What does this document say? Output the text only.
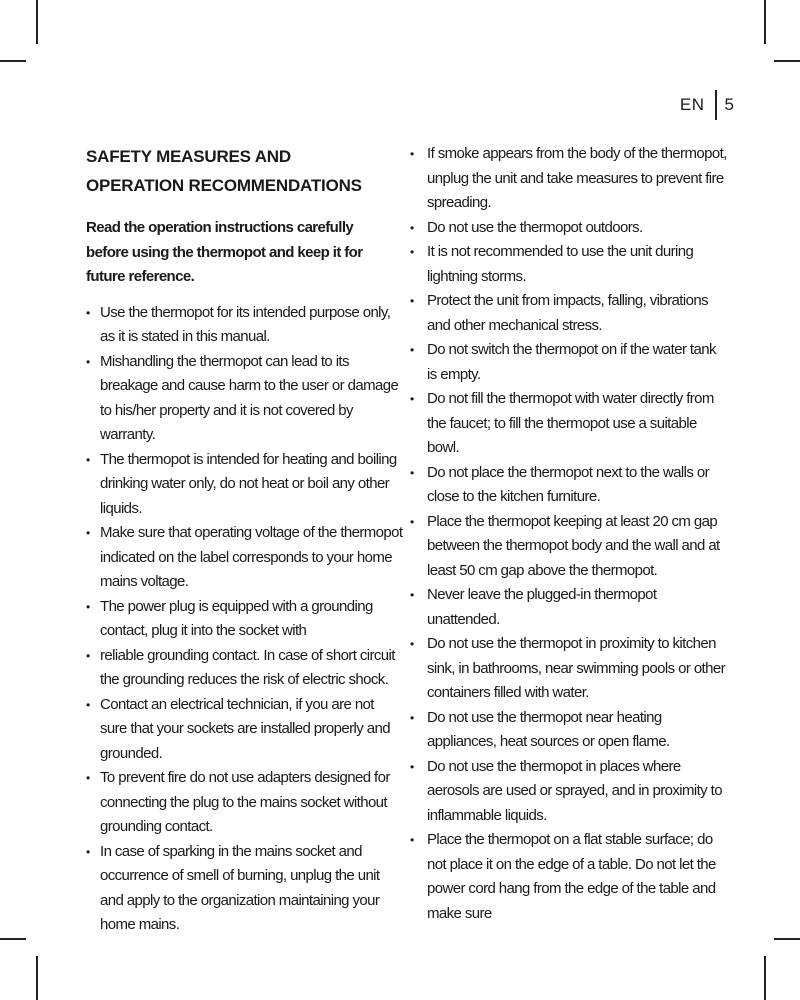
EN 5
SAFETY MEASURES AND OPERATION RECOMMENDATIONS

Read the operation instructions carefully before using the thermopot and keep it for future reference.

• Use the thermopot for its intended purpose only, as it is stated in this manual.
• Mishandling the thermopot can lead to its breakage and cause harm to the user or damage to his/her property and it is not covered by warranty.
• The thermopot is intended for heating and boiling drinking water only, do not heat or boil any other liquids.
• Make sure that operating voltage of the thermopot indicated on the label corresponds to your home mains voltage.
• The power plug is equipped with a grounding contact, plug it into the socket with
• reliable grounding contact. In case of short circuit the grounding reduces the risk of electric shock.
• Contact an electrical technician, if you are not sure that your sockets are installed properly and grounded.
• To prevent fire do not use adapters designed for connecting the plug to the mains socket without grounding contact.
• In case of sparking in the mains socket and occurrence of smell of burning, unplug the unit and apply to the organization maintaining your home mains.
• If smoke appears from the body of the thermopot, unplug the unit and take measures to prevent fire spreading.
• Do not use the thermopot outdoors.
• It is not recommended to use the unit during lightning storms.
• Protect the unit from impacts, falling, vibrations and other mechanical stress.
• Do not switch the thermopot on if the water tank is empty.
• Do not fill the thermopot with water directly from the faucet; to fill the thermopot use a suitable bowl.
• Do not place the thermopot next to the walls or close to the kitchen furniture.
• Place the thermopot keeping at least 20 cm gap between the thermopot body and the wall and at least 50 cm gap above the thermopot.
• Never leave the plugged-in thermopot unattended.
• Do not use the thermopot in proximity to kitchen sink, in bathrooms, near swimming pools or other containers filled with water.
• Do not use the thermopot near heating appliances, heat sources or open flame.
• Do not use the thermopot in places where aerosols are used or sprayed, and in proximity to inflammable liquids.
• Place the thermopot on a flat stable surface; do not place it on the edge of a table. Do not let the power cord hang from the edge of the table and make sure
